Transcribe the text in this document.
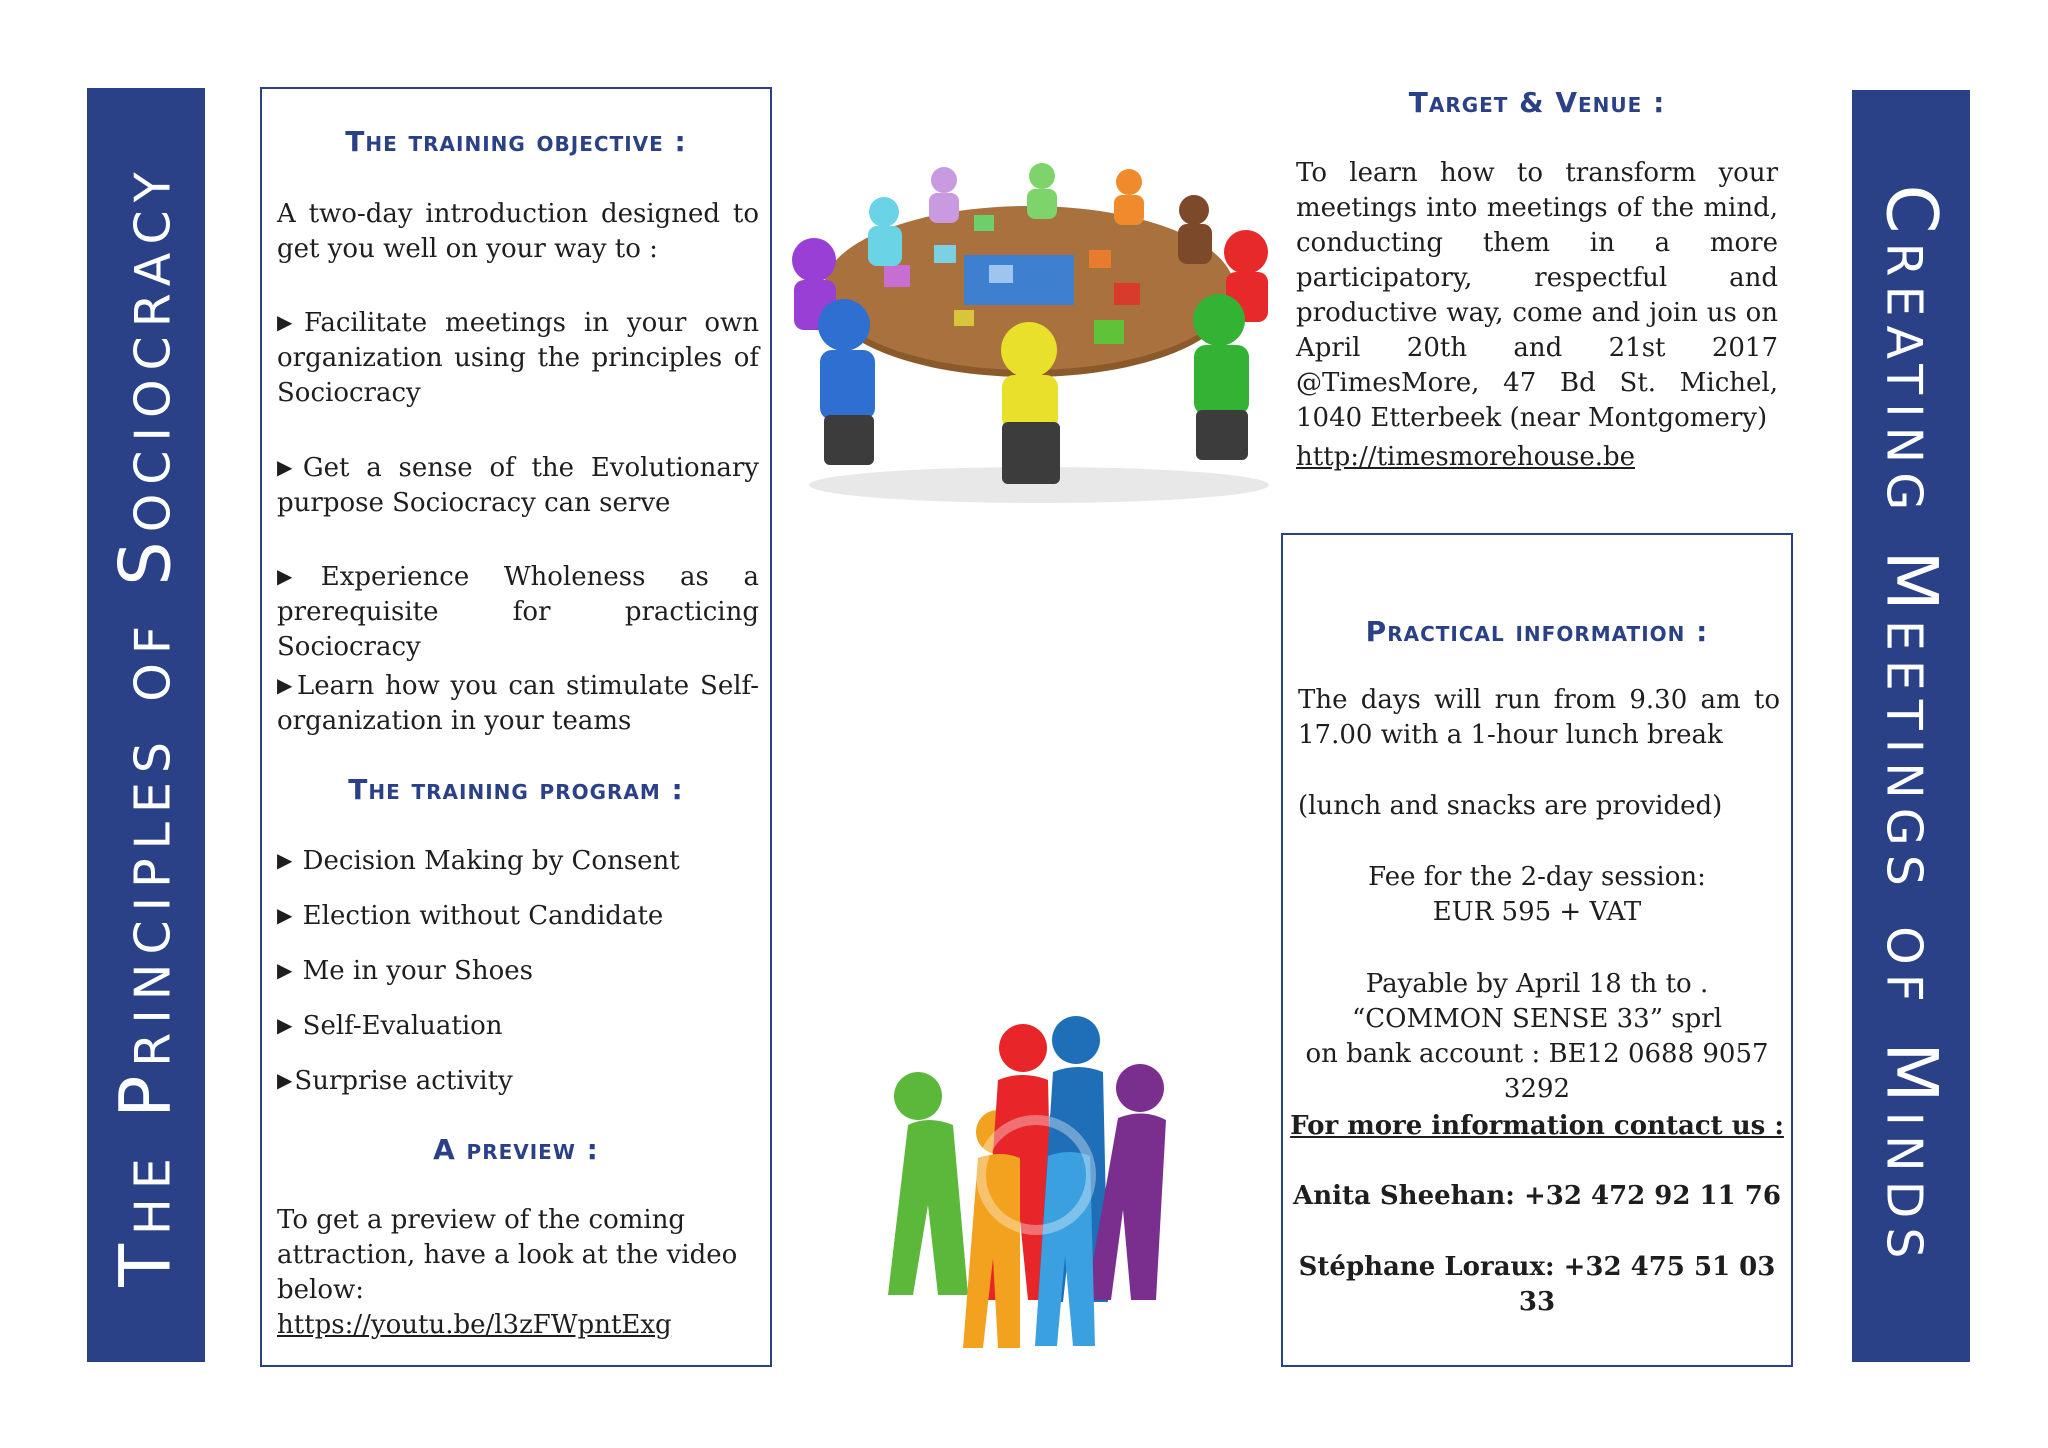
The Principles of Sociocracy	Creating Meetings of Minds
The training objective :

A two-day introduction designed to get you well on your way to :

▶Facilitate meetings in your own organization using the principles of Sociocracy

▶Get a sense of the Evolutionary purpose Sociocracy can serve

▶Experience Wholeness as a prerequisite for practicing Sociocracy

▶Learn how you can stimulate Self-organization in your teams

The training program :

▶ Decision Making by Consent

▶ Election without Candidate

▶ Me in your Shoes

▶ Self-Evaluation

▶Surprise activity

A preview :

To get a preview of the coming attraction, have a look at the video below:
https://youtu.be/l3zFWpntExg

Target & Venue :

To learn how to transform your meetings into meetings of the mind, conducting them in a more participatory, respectful and productive way, come and join us on April 20th and 21st 2017 @TimesMore, 47 Bd St. Michel, 1040 Etterbeek (near Montgomery)

http://timesmorehouse.be
Practical information :

The days will run from 9.30 am to 17.00 with a 1-hour lunch break

(lunch and snacks are provided)

Fee for the 2-day session:

EUR 595 + VAT

Payable by April 18 th to .

“COMMON SENSE 33” sprl

on bank account : BE12 0688 9057 3292

For more information contact us :

Anita Sheehan: +32 472 92 11 76

Stéphane Loraux: +32 475 51 03 33
